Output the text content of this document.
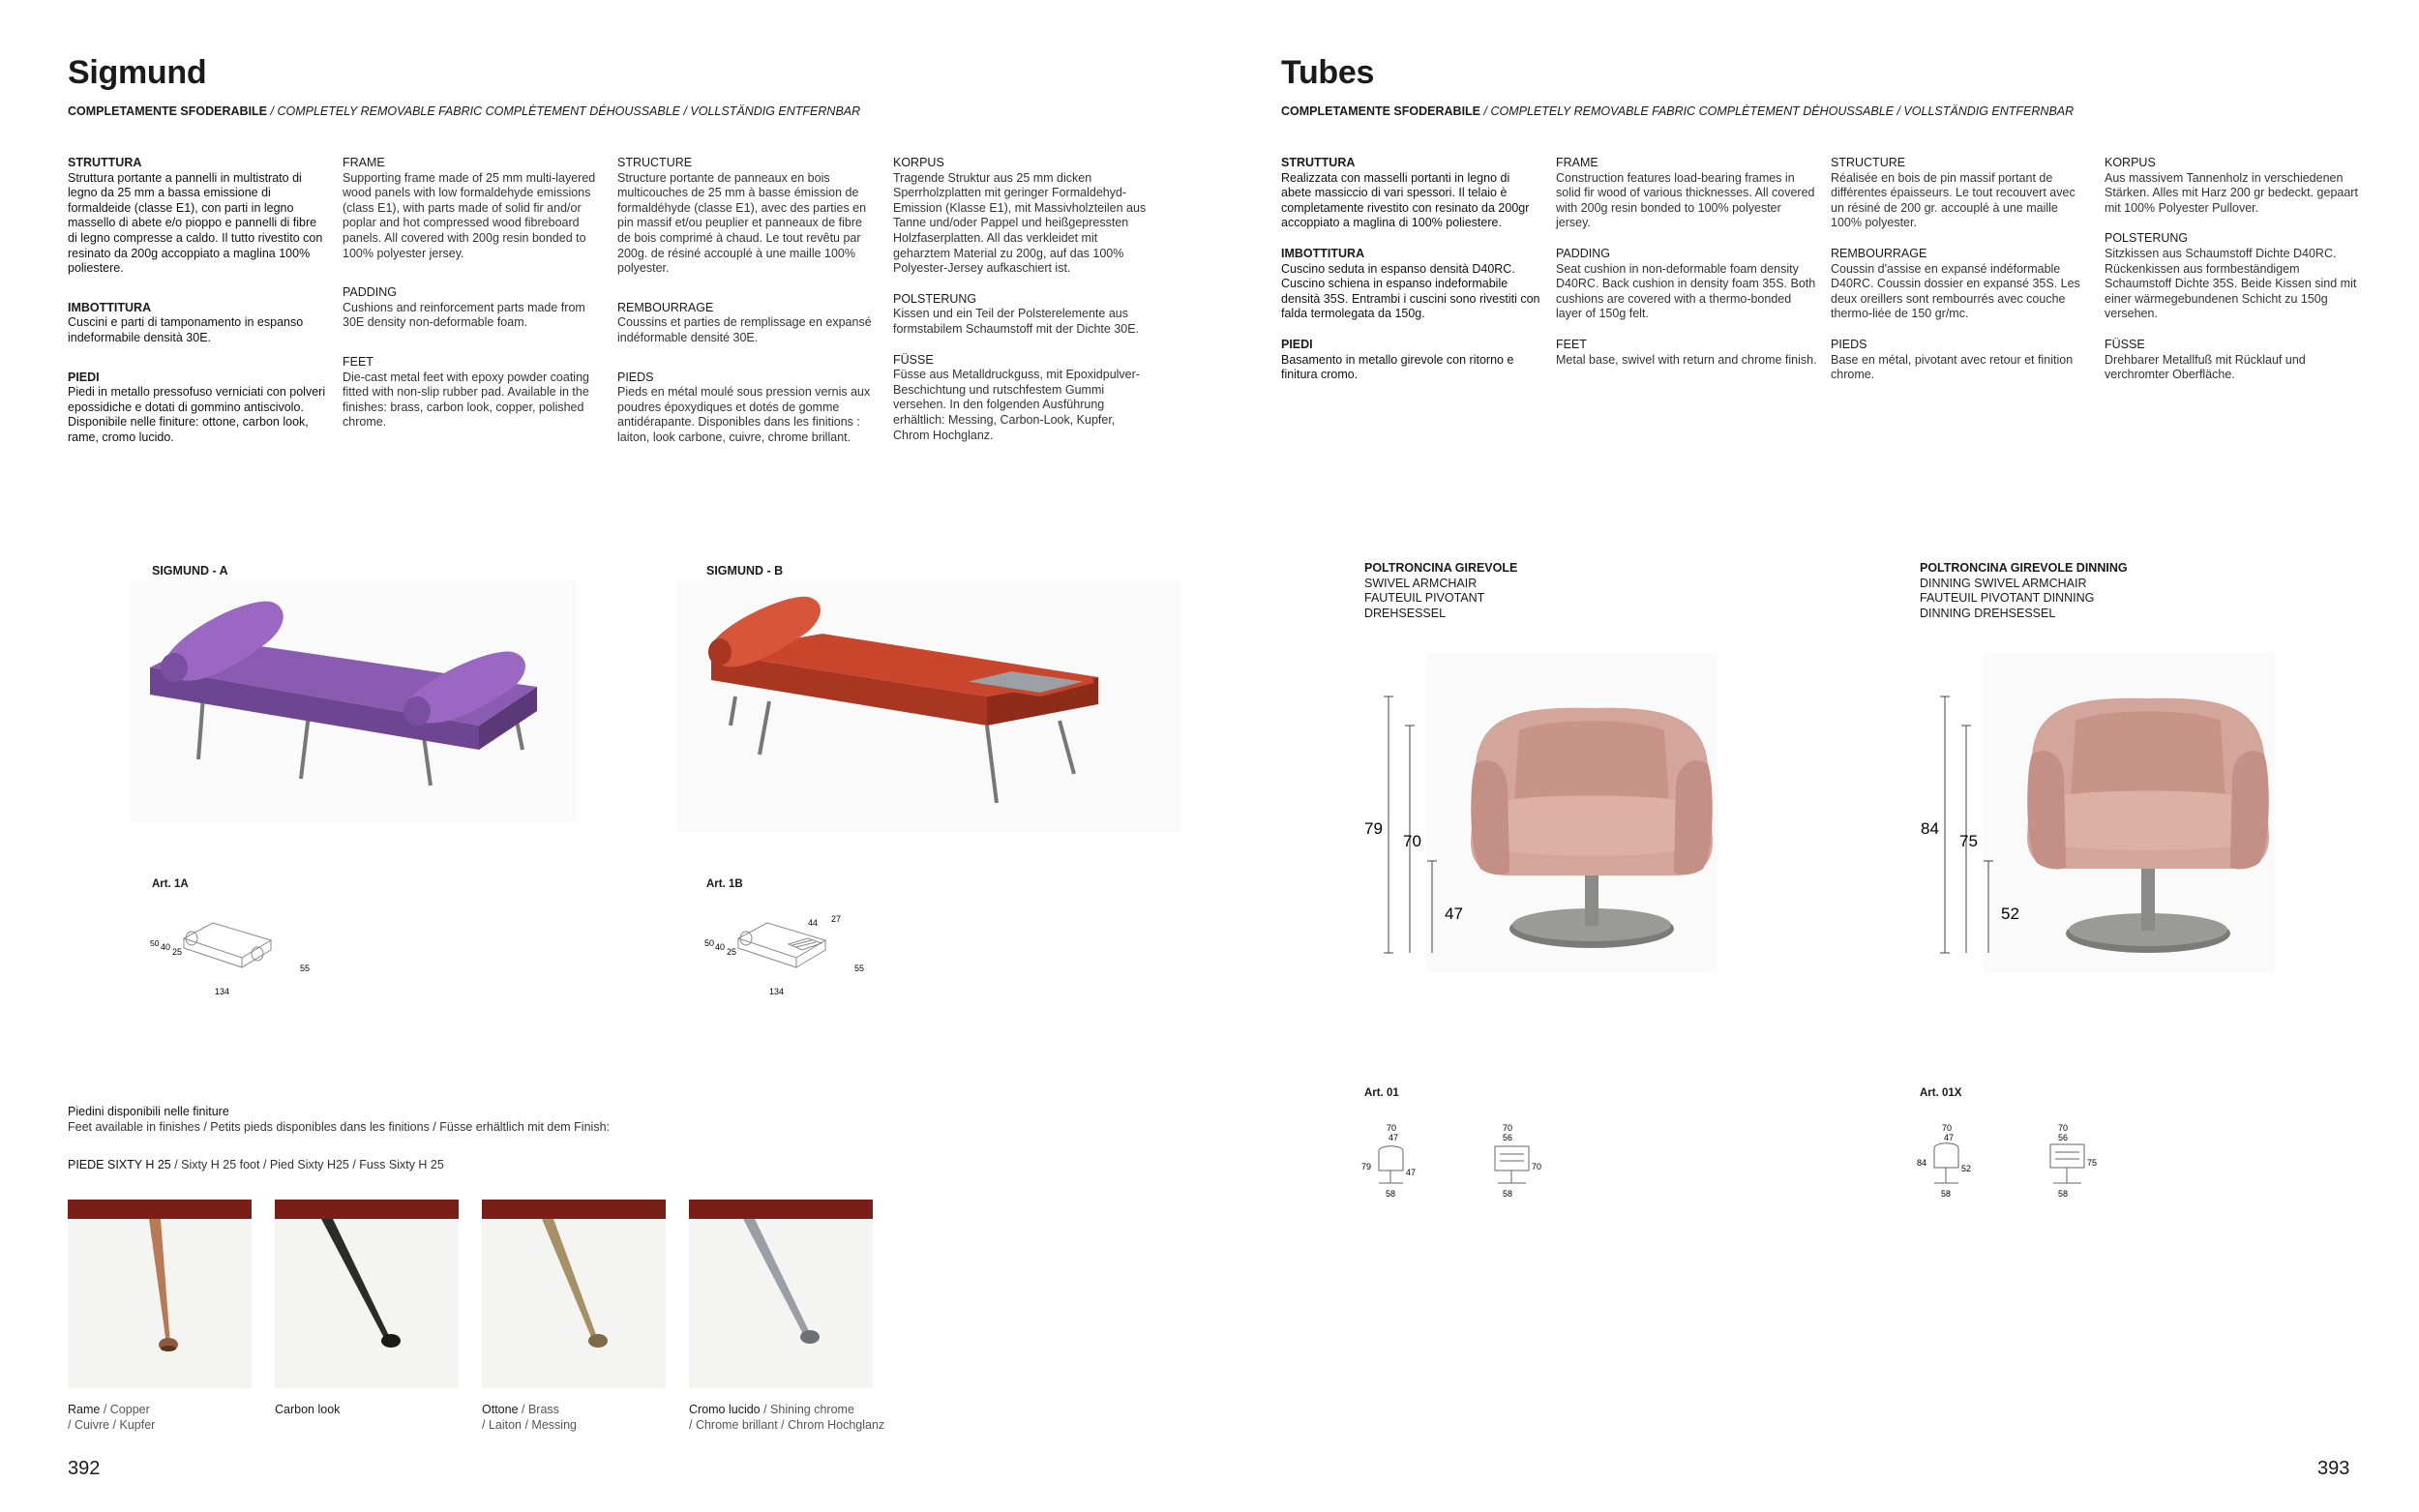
Sigmund
COMPLETAMENTE SFODERABILE / COMPLETELY REMOVABLE FABRIC COMPLÈTEMENT DÉHOUSSABLE / VOLLSTÄNDIG ENTFERNBAR
STRUTTURA
Struttura portante a pannelli in multistrato di legno da 25 mm a bassa emissione di formaldeide (classe E1), con parti in legno massello di abete e/o pioppo e pannelli di fibre di legno compresse a caldo. Il tutto rivestito con resinato da 200g accoppiato a maglina 100% poliestere.
IMBOTTITURA
Cuscini e parti di tamponamento in espanso indeformabile densità 30E.
PIEDI
Piedi in metallo pressofuso verniciati con polveri epossidiche e dotati di gommino antiscivolo. Disponibile nelle finiture: ottone, carbon look, rame, cromo lucido.
FRAME
Supporting frame made of 25 mm multi-layered wood panels with low formaldehyde emissions (class E1), with parts made of solid fir and/or poplar and hot compressed wood fibreboard panels. All covered with 200g resin bonded to 100% polyester jersey.
PADDING
Cushions and reinforcement parts made from 30E density non-deformable foam.
FEET
Die-cast metal feet with epoxy powder coating fitted with non-slip rubber pad. Available in the finishes: brass, carbon look, copper, polished chrome.
STRUCTURE
Structure portante de panneaux en bois multicouches de 25 mm à basse émission de formaldéhyde (classe E1), avec des parties en pin massif et/ou peuplier et panneaux de fibre de bois comprimé à chaud. Le tout revêtu par 200g. de résiné accouplé à une maille 100% polyester.
REMBOURRAGE
Coussins et parties de remplissage en expansé indéformable densité 30E.
PIEDS
Pieds en métal moulé sous pression vernis aux poudres époxydiques et dotés de gomme antidérapante. Disponibles dans les finitions : laiton, look carbone, cuivre, chrome brillant.
KORPUS
Tragende Struktur aus 25 mm dicken Sperrholzplatten mit geringer Formaldehyd-Emission (Klasse E1), mit Massivholzteilen aus Tanne und/oder Pappel und heißgepressten Holzfaserplatten. All das verkleidet mit geharztem Material zu 200g, auf das 100% Polyester-Jersey aufkaschiert ist.
POLSTERUNG
Kissen und ein Teil der Polsterelemente aus formstabilem Schaumstoff mit der Dichte 30E.
FÜSSE
Füsse aus Metalldruckguss, mit Epoxidpulver-Beschichtung und rutschfestem Gummi versehen. In den folgenden Ausführung erhältlich: Messing, Carbon-Look, Kupfer, Chrom Hochglanz.
SIGMUND - A
Art. 1A
50 40 25
55
134
SIGMUND - B
Art. 1B
50 40 25
55
134
44 27
Piedini disponibili nelle finiture
Feet available in finishes / Petits pieds disponibles dans les finitions / Füsse erhältlich mit dem Finish:
PIEDE SIXTY H 25 / Sixty H 25 foot / Pied Sixty H25 / Fuss Sixty H 25
Rame / Copper
/ Cuivre / Kupfer
Carbon look	Ottone / Brass
/ Laiton / Messing
Cromo lucido / Shining chrome
/ Chrome brillant / Chrom Hochglanz
392
Tubes
COMPLETAMENTE SFODERABILE / COMPLETELY REMOVABLE FABRIC COMPLÈTEMENT DÉHOUSSABLE / VOLLSTÄNDIG ENTFERNBAR
STRUTTURA
Realizzata con masselli portanti in legno di abete massiccio di vari spessori. Il telaio è completamente rivestito con resinato da 200gr accoppiato a maglina di 100% poliestere.
IMBOTTITURA
Cuscino seduta in espanso densità D40RC. Cuscino schienа in espanso indeformabile densità 35S. Entrambi i cuscini sono rivestiti con falda termolegata da 150g.
PIEDI
Basamento in metallo girevole con ritorno e finitura cromo.
FRAME
Construction features load-bearing frames in solid fir wood of various thicknesses. All covered with 200g resin bonded to 100% polyester jersey.
PADDING
Seat cushion in non-deformable foam density D40RC. Back cushion in density foam 35S. Both cushions are covered with a thermo-bonded layer of 150g felt.
FEET
Metal base, swivel with return and chrome finish.
STRUCTURE
Réalisée en bois de pin massif portant de différentes épaisseurs. Le tout recouvert avec un résiné de 200 gr. accouplé à une maille 100% polyester.
REMBOURRAGE
Coussin d'assise en expansé indéformable D40RC. Coussin dossier en expansé 35S. Les deux oreillers sont rembourrés avec couche thermo-liée de 150 gr/mc.
PIEDS
Base en métal, pivotant avec retour et finition chrome.
KORPUS
Aus massivem Tannenholz in verschiedenen Stärken. Alles mit Harz 200 gr bedeckt. gepaart mit 100% Polyester Pullover.
POLSTERUNG
Sitzkissen aus Schaumstoff Dichte D40RC. Rückenkissen aus formbeständigem Schaumstoff Dichte 35S. Beide Kissen sind mit einer wärmegebundenen Schicht zu 150g versehen.
FÜSSE
Drehbarer Metallfuß mit Rücklauf und verchromter Oberfläche.
POLTRONCINA GIREVOLE
SWIVEL ARMCHAIR
FAUTEUIL PIVOTANT
DREHSESSEL
79
70
47
Art. 01
70
47
79
47
58
70
56
70
58
POLTRONCINA GIREVOLE DINNING
DINNING SWIVEL ARMCHAIR
FAUTEUIL PIVOTANT DINNING
DINNING DREHSESSEL
84
75
52
Art. 01X
70
47
84
52
58
70
56
75
58
393
